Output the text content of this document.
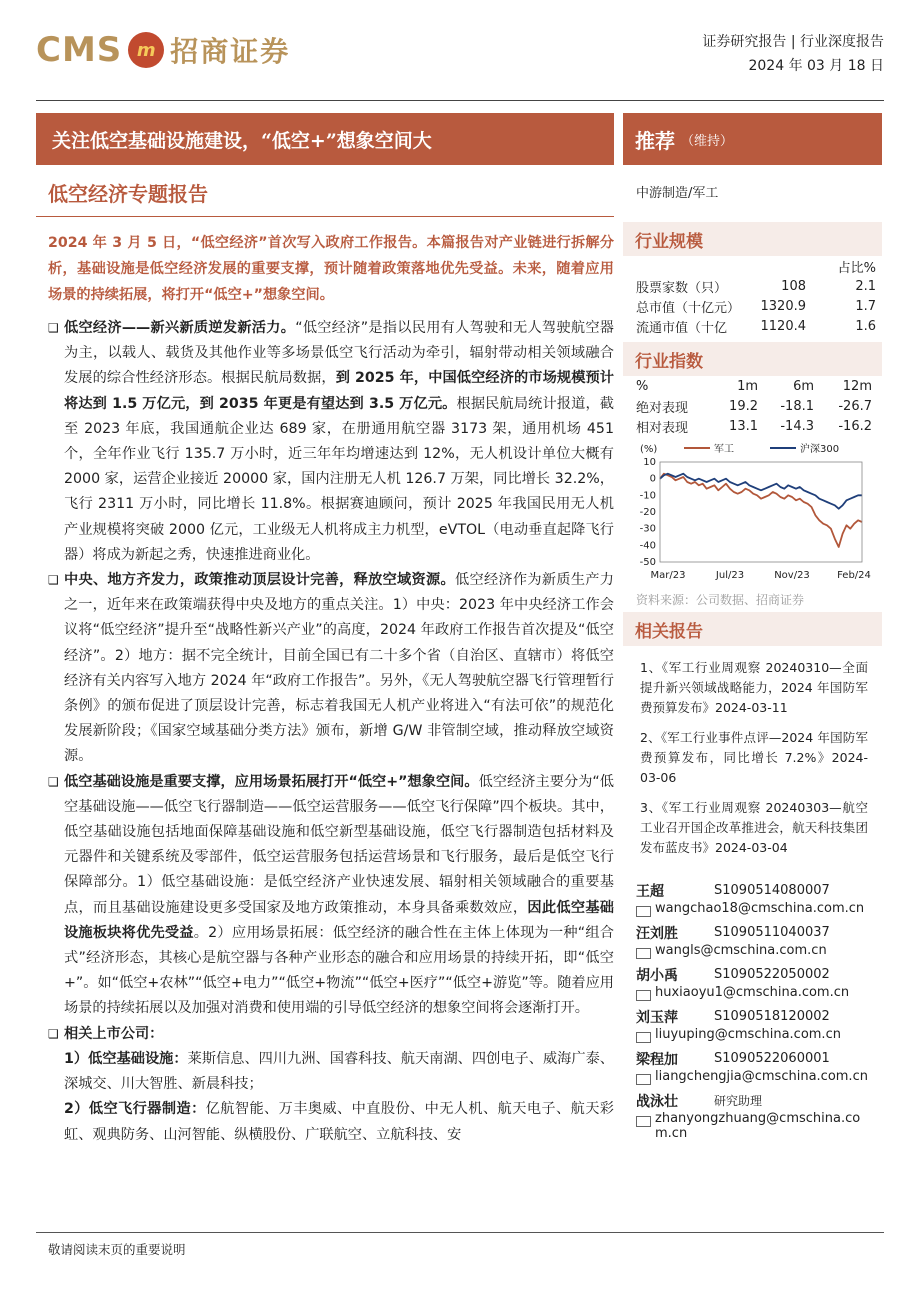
CMS m 招商证券	证券研究报告 | 行业深度报告
2024 年 03 月 18 日
关注低空基础设施建设，“低空+”想象空间大	推荐 （维持）
低空经济专题报告
2024 年 3 月 5 日，“低空经济”首次写入政府工作报告。本篇报告对产业链进行拆解分析，基础设施是低空经济发展的重要支撑，预计随着政策落地优先受益。未来，随着应用场景的持续拓展，将打开“低空+”想象空间。

❑ 低空经济——新兴新质逆发新活力。“低空经济”是指以民用有人驾驶和无人驾驶航空器为主，以载人、载货及其他作业等多场景低空飞行活动为牵引，辐射带动相关领域融合发展的综合性经济形态。根据民航局数据，到 2025 年，中国低空经济的市场规模预计将达到 1.5 万亿元，到 2035 年更是有望达到 3.5 万亿元。根据民航局统计报道，截至 2023 年底，我国通航企业达 689 家，在册通用航空器 3173 架，通用机场 451 个，全年作业飞行 135.7 万小时，近三年年均增速达到 12%，无人机设计单位大概有 2000 家，运营企业接近 20000 家，国内注册无人机 126.7 万架，同比增长 32.2%，飞行 2311 万小时，同比增长 11.8%。根据赛迪顾问，预计 2025 年我国民用无人机产业规模将突破 2000 亿元，工业级无人机将成主力机型，eVTOL（电动垂直起降飞行器）将成为新起之秀，快速推进商业化。

❑ 中央、地方齐发力，政策推动顶层设计完善，释放空域资源。低空经济作为新质生产力之一，近年来在政策端获得中央及地方的重点关注。1）中央：2023 年中央经济工作会议将“低空经济”提升至“战略性新兴产业”的高度，2024 年政府工作报告首次提及“低空经济”。2）地方：据不完全统计，目前全国已有二十多个省（自治区、直辖市）将低空经济有关内容写入地方 2024 年“政府工作报告”。另外，《无人驾驶航空器飞行管理暂行条例》的颁布促进了顶层设计完善，标志着我国无人机产业将进入“有法可依”的规范化发展新阶段；《国家空域基础分类方法》颁布，新增 G/W 非管制空域，推动释放空域资源。

❑ 低空基础设施是重要支撑，应用场景拓展打开“低空+”想象空间。低空经济主要分为“低空基础设施——低空飞行器制造——低空运营服务——低空飞行保障”四个板块。其中，低空基础设施包括地面保障基础设施和低空新型基础设施，低空飞行器制造包括材料及元器件和关键系统及零部件，低空运营服务包括运营场景和飞行服务，最后是低空飞行保障部分。1）低空基础设施：是低空经济产业快速发展、辐射相关领域融合的重要基点，而且基础设施建设更多受国家及地方政策推动，本身具备乘数效应，因此低空基础设施板块将优先受益。2）应用场景拓展：低空经济的融合性在主体上体现为一种“组合式”经济形态，其核心是航空器与各种产业形态的融合和应用场景的持续开拓，即“低空+”。如“低空+农林”“低空+电力”“低空+物流”“低空+医疗”“低空+游览”等。随着应用场景的持续拓展以及加强对消费和使用端的引导低空经济的想象空间将会逐渐打开。

❑ 相关上市公司：

1）低空基础设施：莱斯信息、四川九洲、国睿科技、航天南湖、四创电子、威海广泰、深城交、川大智胜、新晨科技；

2）低空飞行器制造：亿航智能、万丰奥威、中直股份、中无人机、航天电子、航天彩虹、观典防务、山河智能、纵横股份、广联航空、立航科技、安

中游制造/军工
行业规模
占比%
股票家数（只）	108	2.1
总市值（十亿元）	1320.9	1.7
流通市值（十亿	1120.4	1.6
行业指数
%	1m	6m	12m
绝对表现	19.2	-18.1	-26.7
相对表现	13.1	-14.3	-16.2
(%)	军工	沪深300
10
0
-10
-20
-30
-40
-50
Mar/23	Jul/23	Nov/23	Feb/24
资料来源：公司数据、招商证券
相关报告
1、《军工行业周观察 20240310—全面提升新兴领域战略能力，2024 年国防军费预算发布》2024-03-11
2、《军工行业事件点评—2024 年国防军费预算发布，同比增长 7.2%》2024-03-06
3、《军工行业周观察 20240303—航空工业召开国企改革推进会，航天科技集团发布蓝皮书》2024-03-04
王超	S1090514080007
wangchao18@cmschina.com.cn
汪刘胜	S1090511040037
wangls@cmschina.com.cn
胡小禹	S1090522050002
huxiaoyu1@cmschina.com.cn
刘玉萍	S1090518120002
liuyuping@cmschina.com.cn
梁程加	S1090522060001
liangchengjia@cmschina.com.cn
战泳壮	研究助理
zhanyongzhuang@cmschina.com.cn
敬请阅读末页的重要说明
